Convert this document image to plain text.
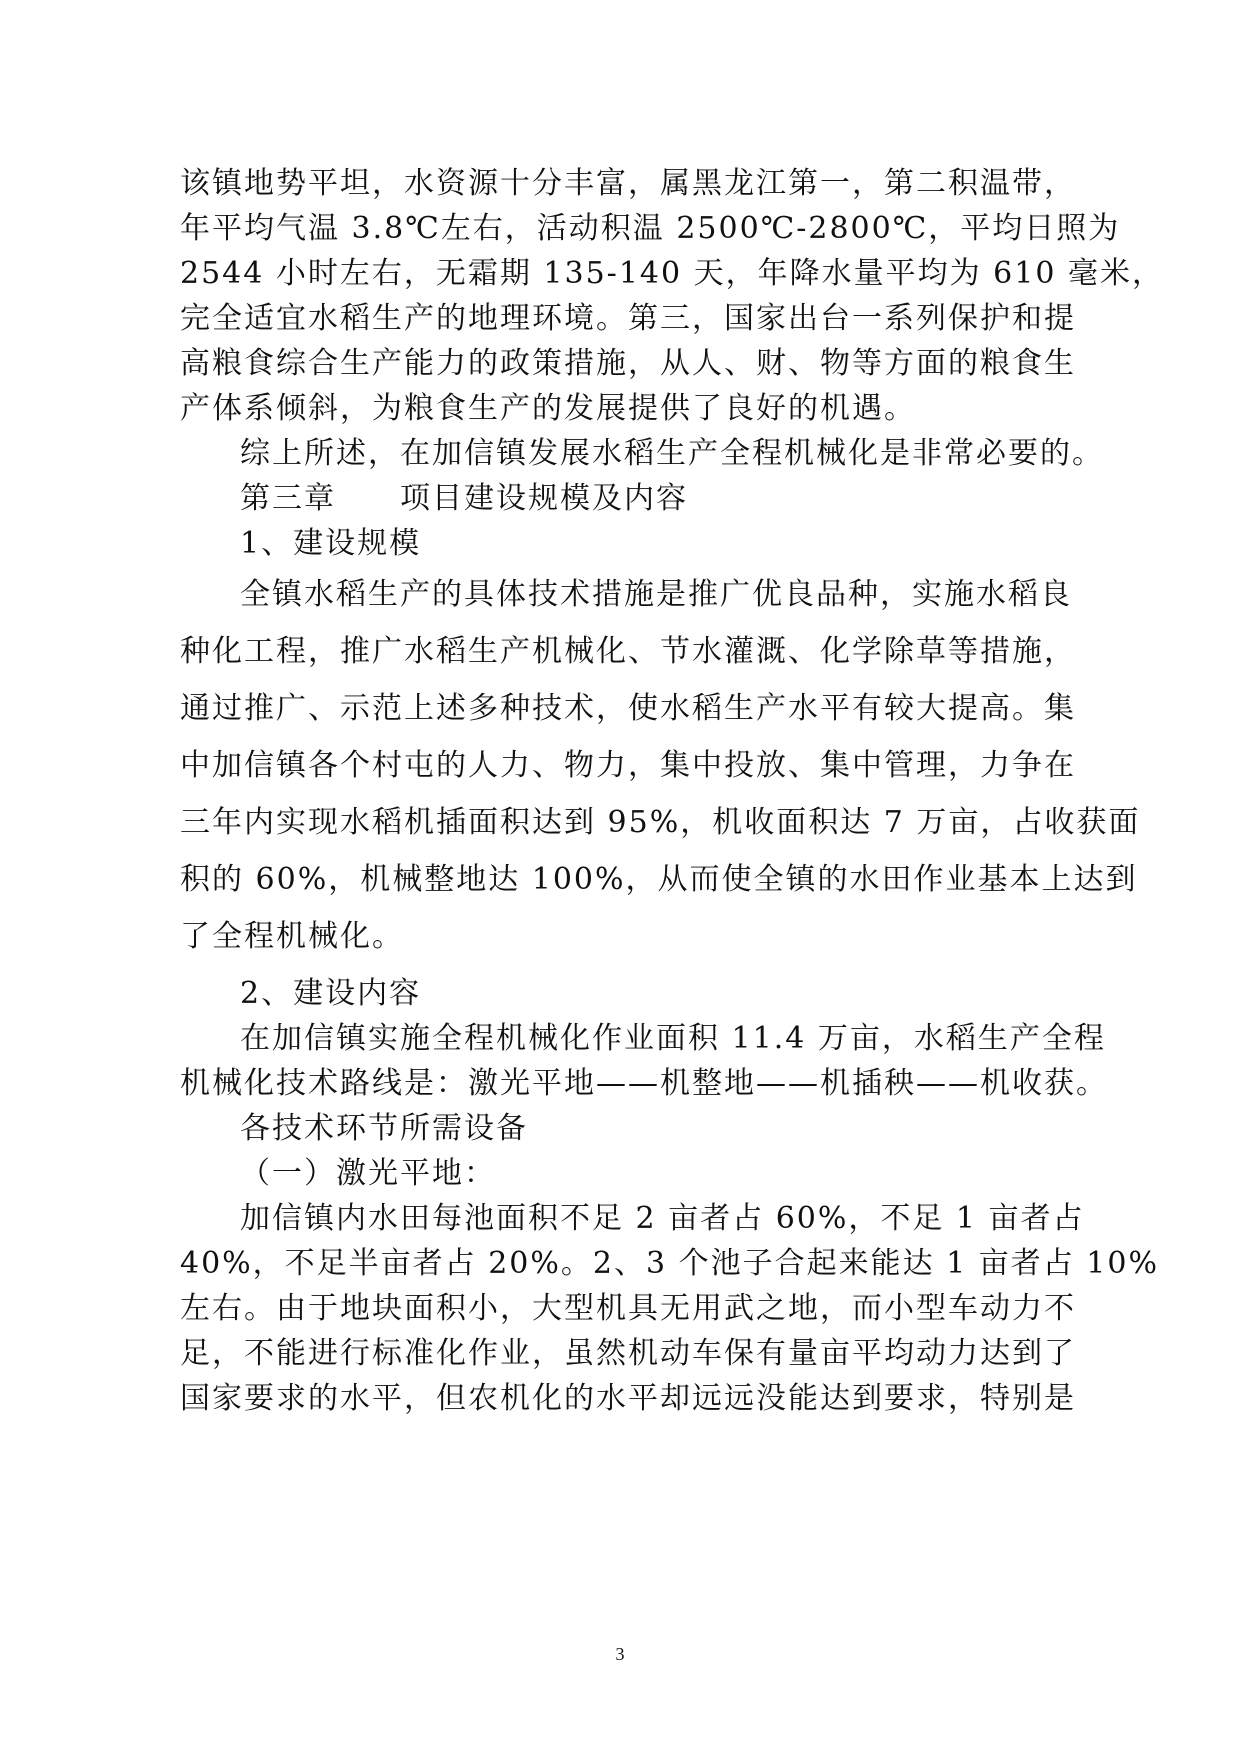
该镇地势平坦，水资源十分丰富，属黑龙江第一，第二积温带，
年平均气温 3.8℃左右，活动积温 2500℃-2800℃，平均日照为
2544 小时左右，无霜期 135-140 天，年降水量平均为 610 毫米，
完全适宜水稻生产的地理环境。第三，国家出台一系列保护和提
高粮食综合生产能力的政策措施，从人、财、物等方面的粮食生
产体系倾斜，为粮食生产的发展提供了良好的机遇。
综上所述，在加信镇发展水稻生产全程机械化是非常必要的。
第三章 项目建设规模及内容
1、建设规模
全镇水稻生产的具体技术措施是推广优良品种，实施水稻良
种化工程，推广水稻生产机械化、节水灌溉、化学除草等措施，
通过推广、示范上述多种技术，使水稻生产水平有较大提高。集
中加信镇各个村屯的人力、物力，集中投放、集中管理，力争在
三年内实现水稻机插面积达到 95%，机收面积达 7 万亩，占收获面
积的 60%，机械整地达 100%，从而使全镇的水田作业基本上达到
了全程机械化。
2、建设内容
在加信镇实施全程机械化作业面积 11.4 万亩，水稻生产全程
机械化技术路线是：激光平地——机整地——机插秧——机收获。
各技术环节所需设备
（一）激光平地：
加信镇内水田每池面积不足 2 亩者占 60%，不足 1 亩者占
40%，不足半亩者占 20%。2、3 个池子合起来能达 1 亩者占 10%
左右。由于地块面积小，大型机具无用武之地，而小型车动力不
足，不能进行标准化作业，虽然机动车保有量亩平均动力达到了
国家要求的水平，但农机化的水平却远远没能达到要求，特别是
3
